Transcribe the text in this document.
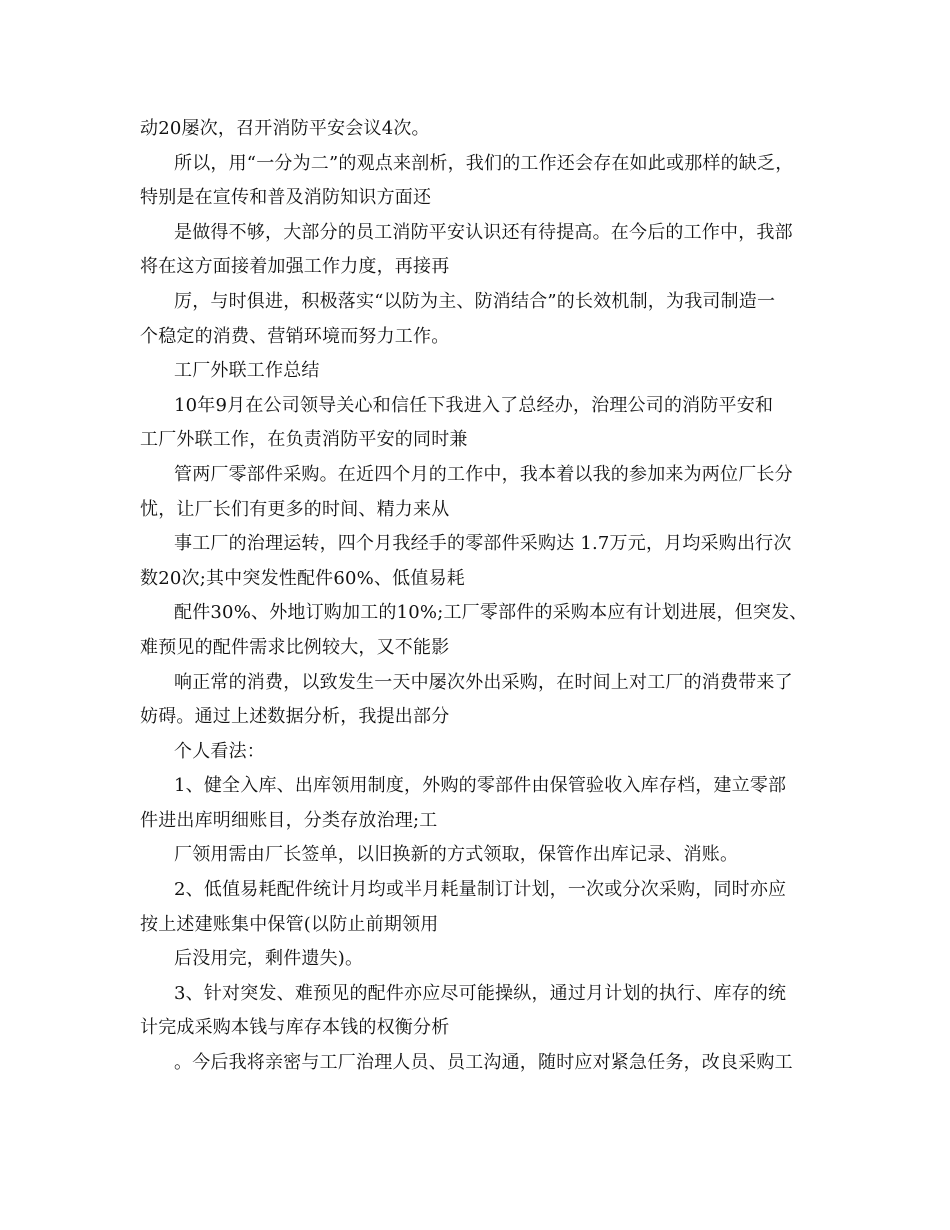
动20屡次，召开消防平安会议4次。
所以，用“一分为二”的观点来剖析，我们的工作还会存在如此或那样的缺乏，
特别是在宣传和普及消防知识方面还
是做得不够，大部分的员工消防平安认识还有待提高。在今后的工作中，我部
将在这方面接着加强工作力度，再接再
厉，与时俱进，积极落实“以防为主、防消结合”的长效机制，为我司制造一
个稳定的消费、营销环境而努力工作。
工厂外联工作总结
10年9月在公司领导关心和信任下我进入了总经办，治理公司的消防平安和
工厂外联工作，在负责消防平安的同时兼
管两厂零部件采购。在近四个月的工作中，我本着以我的参加来为两位厂长分
忧，让厂长们有更多的时间、精力来从
事工厂的治理运转，四个月我经手的零部件采购达 1.7万元，月均采购出行次
数20次;其中突发性配件60%、低值易耗
配件30%、外地订购加工的10%;工厂零部件的采购本应有计划进展，但突发、
难预见的配件需求比例较大，又不能影
响正常的消费，以致发生一天中屡次外出采购，在时间上对工厂的消费带来了
妨碍。通过上述数据分析，我提出部分
个人看法：
1、健全入库、出库领用制度，外购的零部件由保管验收入库存档，建立零部
件进出库明细账目，分类存放治理;工
厂领用需由厂长签单，以旧换新的方式领取，保管作出库记录、消账。
2、低值易耗配件统计月均或半月耗量制订计划，一次或分次采购，同时亦应
按上述建账集中保管(以防止前期领用
后没用完，剩件遗失)。
3、针对突发、难预见的配件亦应尽可能操纵，通过月计划的执行、库存的统
计完成采购本钱与库存本钱的权衡分析
。今后我将亲密与工厂治理人员、员工沟通，随时应对紧急任务，改良采购工
